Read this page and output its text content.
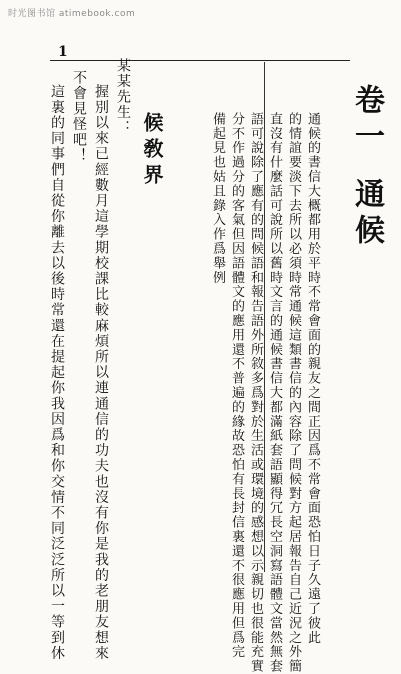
时光图书馆 atimebook.com
1
卷一通候
通候的書信大概都用於平時不常會面的親友之間正因爲不常會面恐怕日子久遠了彼此
的情誼要淡下去所以必須時常通候這類書信的內容除了問候對方起居報告自己近況之外簡
直沒有什麼話可說所以舊時文言的通候書信大都滿紙套語顯得冗長空洞寫語體文當然無套
語可說除了應有的問候語和報告語外所敘多爲對於生活或環境的感想以示親切也很能充實
分不作過分的客氣但因語體文的應用還不普遍的緣故恐怕有長封信裏還不很應用但爲完
備起見也姑且錄入作爲舉例
候敎界
某某先生：
握別以來已經數月這學期校課比較麻煩所以連通信的功夫也沒有你是我的老朋友想來
不會見怪吧！
這裏的同事們自從你離去以後時常還在提起你我因爲和你交情不同泛泛所以一等到休
